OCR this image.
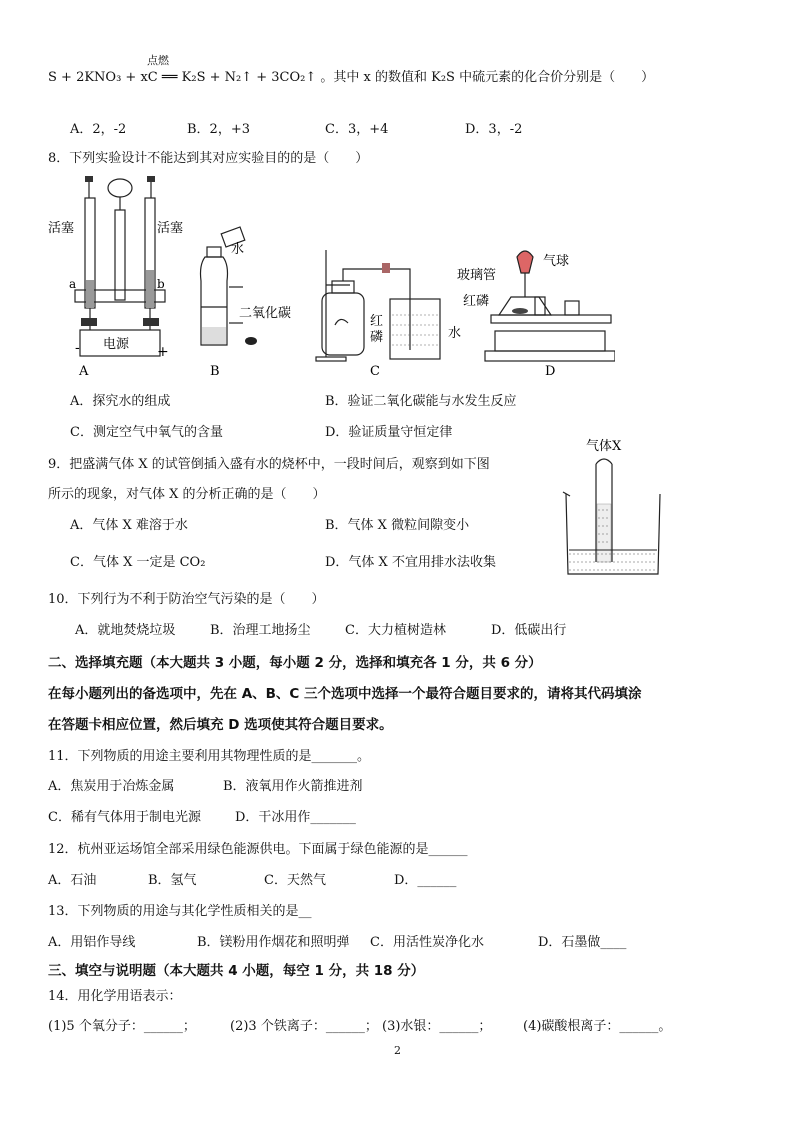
点燃
S + 2KNO₃ + xC ══ K₂S + N₂↑ + 3CO₂↑ 。其中 x 的数值和 K₂S 中硫元素的化合价分别是（　　）
A．2，-2	B．2，+3	C．3，+4	D．3，-2
8．下列实验设计不能达到其对应实验目的的是（　　）
活塞	活塞
a	b
电源
-	+
A
水
二氧化碳
B
红
磷	水
C
气球
玻璃管
红磷
D
A．探究水的组成	B．验证二氧化碳能与水发生反应
C．测定空气中氧气的含量	D．验证质量守恒定律
9．把盛满气体 X 的试管倒插入盛有水的烧杯中，一段时间后，观察到如下图
所示的现象，对气体 X 的分析正确的是（　　）
A．气体 X 难溶于水	B．气体 X 微粒间隙变小
C．气体 X 一定是 CO₂	D．气体 X 不宜用排水法收集
气体X
10．下列行为不利于防治空气污染的是（　　）
A．就地焚烧垃圾	B．治理工地扬尘	C．大力植树造林	D．低碳出行
二、选择填充题（本大题共 3 小题，每小题 2 分，选择和填充各 1 分，共 6 分）
在每小题列出的备选项中，先在 A、B、C 三个选项中选择一个最符合题目要求的，请将其代码填涂
在答题卡相应位置，然后填充 D 选项使其符合题目要求。
11．下列物质的用途主要利用其物理性质的是_______。
A．焦炭用于冶炼金属	B．液氧用作火箭推进剂
C．稀有气体用于制电光源	D．干冰用作_______
12．杭州亚运场馆全部采用绿色能源供电。下面属于绿色能源的是______
A．石油	B．氢气	C．天然气	D．______
13．下列物质的用途与其化学性质相关的是__
A．用铝作导线	B．镁粉用作烟花和照明弹 C．用活性炭净化水	D．石墨做____
三、填空与说明题（本大题共 4 小题，每空 1 分，共 18 分）
14．用化学用语表示：
(1)5 个氧分子：______；	(2)3 个铁离子：______； (3)水银：______； (4)碳酸根离子：______。
2
